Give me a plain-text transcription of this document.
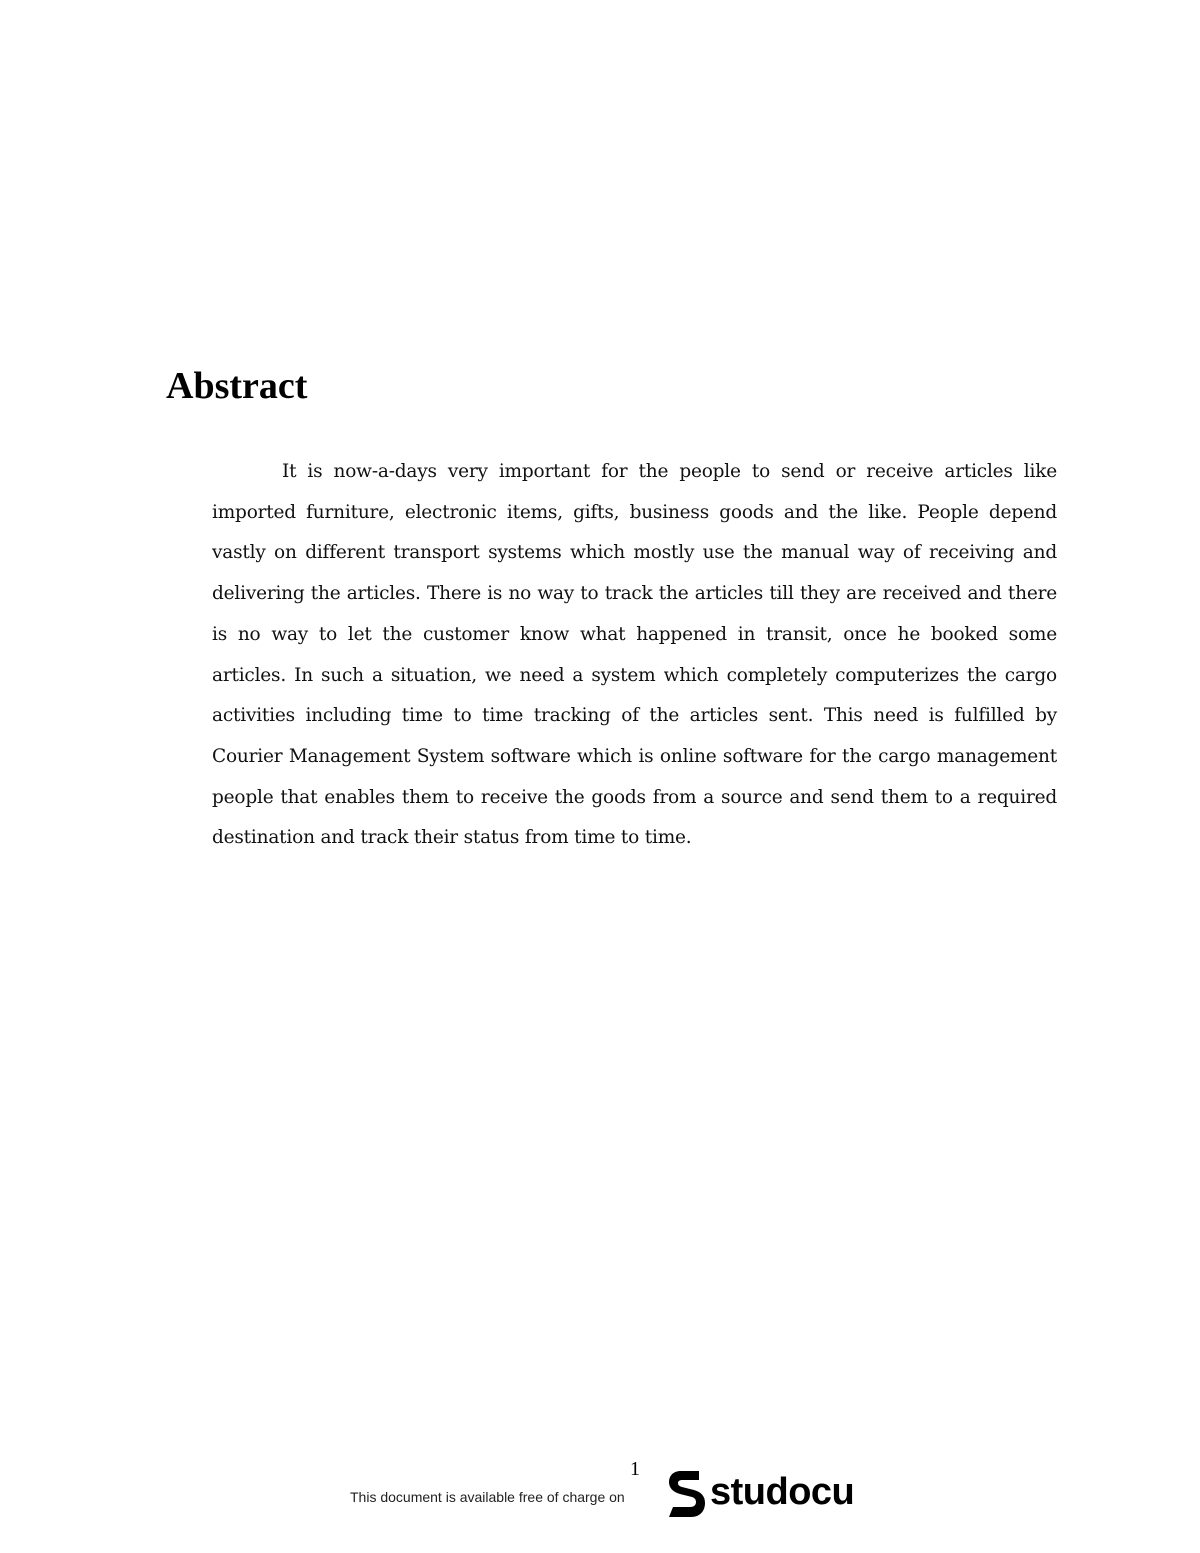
Abstract

It is now-a-days very important for the people to send or receive articles like imported furniture, electronic items, gifts, business goods and the like. People depend vastly on different transport systems which mostly use the manual way of receiving and delivering the articles. There is no way to track the articles till they are received and there is no way to let the customer know what happened in transit, once he booked some articles. In such a situation, we need a system which completely computerizes the cargo activities including time to time tracking of the articles sent. This need is fulfilled by Courier Management System software which is online software for the cargo management people that enables them to receive the goods from a source and send them to a required destination and track their status from time to time.

1
This document is available free of charge on studocu
